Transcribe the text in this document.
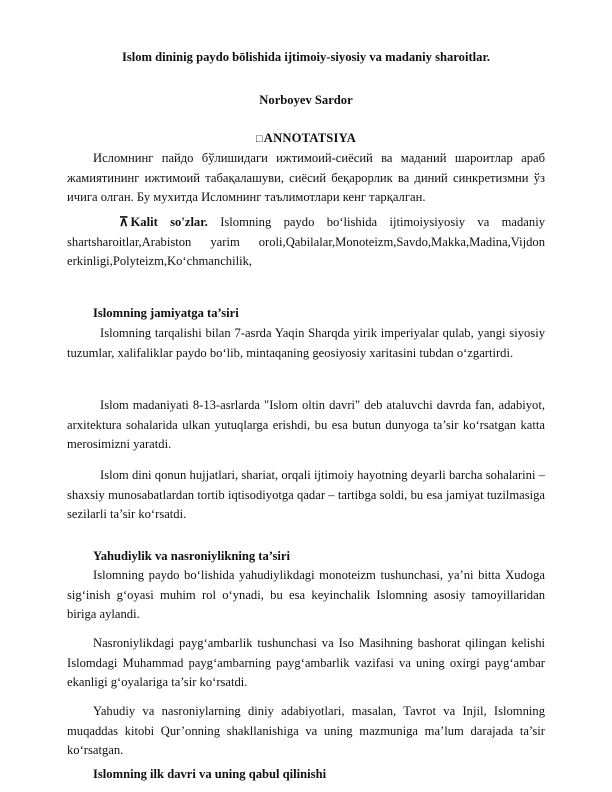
Islom dininig paydo bōlishida ijtimoiy-siyosiy va madaniy sharoitlar.
Norboyev Sardor
□ANNOTATSIYA

Исломнинг пайдо бўлишидаги ижтимоий-сиёсий ва маданий шароитлар араб жамиятининг ижтимоий табақалашуви, сиёсий беқарорлик ва диний синкретизмни ўз ичига олган. Бу мухитда Исломнинг таълимотлари кенг тарқалган.

⊼ Kalit so'zlar. Islomning paydo bo‘lishida ijtimoiysiyosiy va madaniy shartsharoitlar,Arabiston yarim oroli,Qabilalar,Monoteizm,Savdo,Makka,Madina,Vijdon erkinligi,Polyteizm,Ko‘chmanchilik,

Islomning jamiyatga ta’siri

Islomning tarqalishi bilan 7-asrda Yaqin Sharqda yirik imperiyalar qulab, yangi siyosiy tuzumlar, xalifaliklar paydo bo‘lib, mintaqaning geosiyosiy xaritasini tubdan o‘zgartirdi.

Islom madaniyati 8-13-asrlarda "Islom oltin davri" deb ataluvchi davrda fan, adabiyot, arxitektura sohalarida ulkan yutuqlarga erishdi, bu esa butun dunyoga ta’sir ko‘rsatgan katta merosimizni yaratdi.

Islom dini qonun hujjatlari, shariat, orqali ijtimoiy hayotning deyarli barcha sohalarini – shaxsiy munosabatlardan tortib iqtisodiyotga qadar – tartibga soldi, bu esa jamiyat tuzilmasiga sezilarli ta’sir ko‘rsatdi.

Yahudiylik va nasroniylikning ta’siri

Islomning paydo bo‘lishida yahudiylikdagi monoteizm tushunchasi, ya’ni bitta Xudoga sig‘inish g‘oyasi muhim rol o‘ynadi, bu esa keyinchalik Islomning asosiy tamoyillaridan biriga aylandi.

Nasroniylikdagi payg‘ambarlik tushunchasi va Iso Masihning bashorat qilingan kelishi Islomdagi Muhammad payg‘ambarning payg‘ambarlik vazifasi va uning oxirgi payg‘ambar ekanligi g‘oyalariga ta’sir ko‘rsatdi.

Yahudiy va nasroniylarning diniy adabiyotlari, masalan, Tavrot va Injil, Islomning muqaddas kitobi Qur’onning shakllanishiga va uning mazmuniga ma’lum darajada ta’sir ko‘rsatgan.

Islomning ilk davri va uning qabul qilinishi
